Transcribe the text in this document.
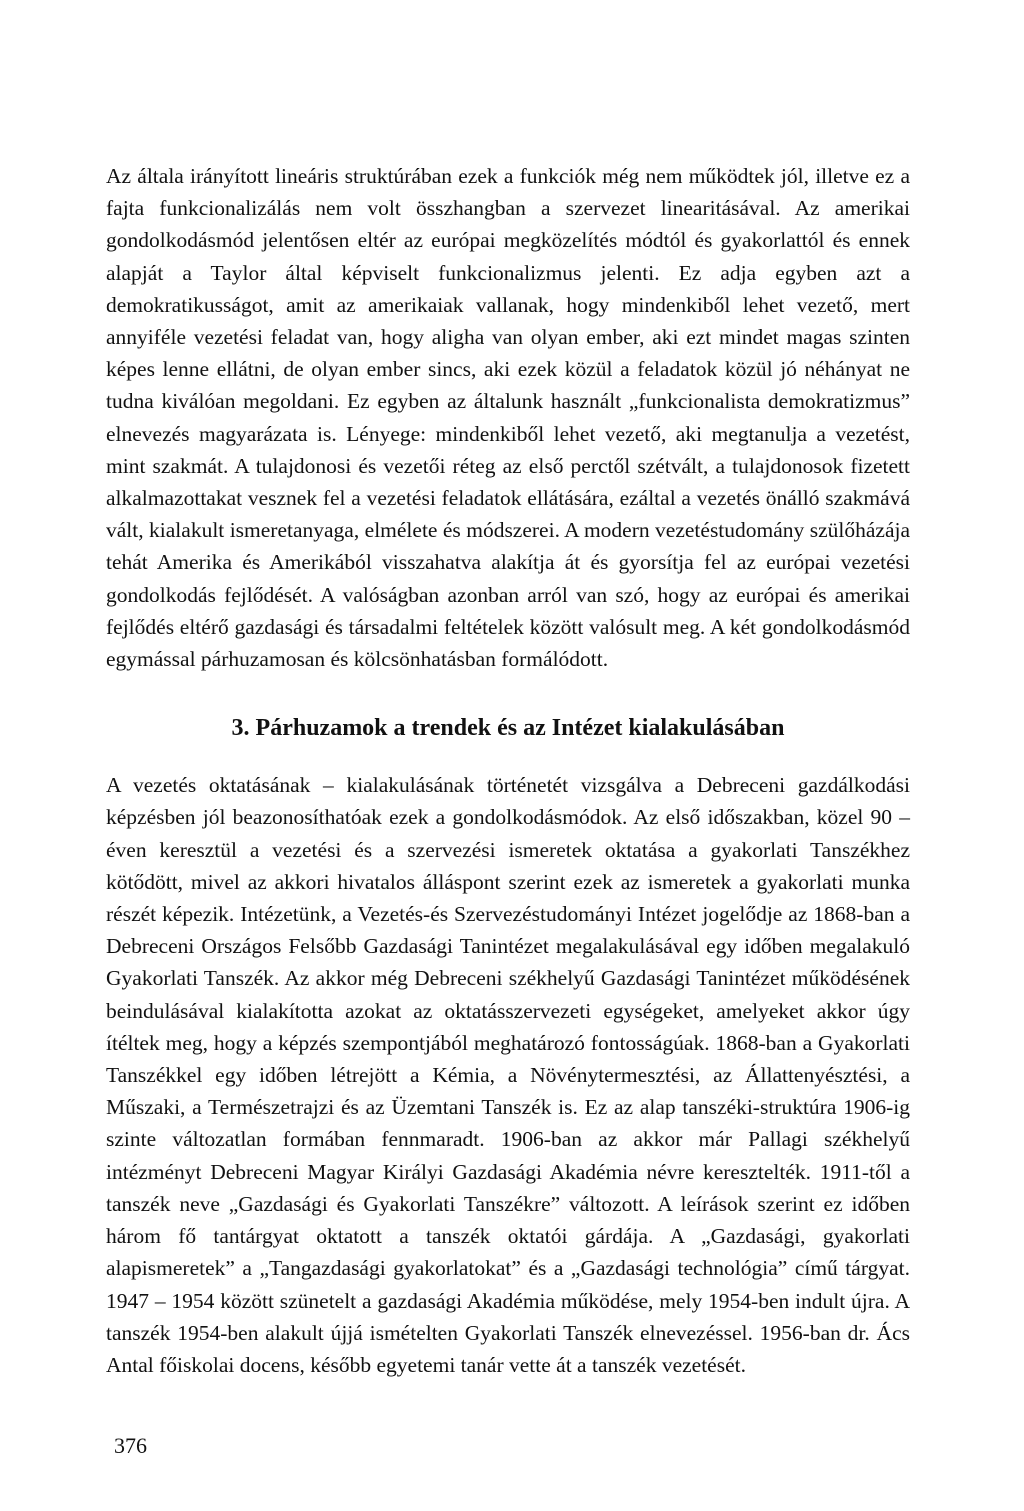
Az általa irányított lineáris struktúrában ezek a funkciók még nem működtek jól, illetve ez a fajta funkcionalizálás nem volt összhangban a szervezet linearitásával. Az amerikai gondolkodásmód jelentősen eltér az európai megközelítés módtól és gyakorlattól és ennek alapját a Taylor által képviselt funkcionalizmus jelenti. Ez adja egyben azt a demokratikusságot, amit az amerikaiak vallanak, hogy mindenkiből lehet vezető, mert annyiféle vezetési feladat van, hogy aligha van olyan ember, aki ezt mindet magas szinten képes lenne ellátni, de olyan ember sincs, aki ezek közül a feladatok közül jó néhányat ne tudna kiválóan megoldani. Ez egyben az általunk használt „funkcionalista demokratizmus” elnevezés magyarázata is. Lényege: mindenkiből lehet vezető, aki megtanulja a vezetést, mint szakmát. A tulajdonosi és vezetői réteg az első perctől szétvált, a tulajdonosok fizetett alkalmazottakat vesznek fel a vezetési feladatok ellátására, ezáltal a vezetés önálló szakmává vált, kialakult ismeretanyaga, elmélete és módszerei. A modern vezetéstudomány szülőházája tehát Amerika és Amerikából visszahatva alakítja át és gyorsítja fel az európai vezetési gondolkodás fejlődését. A valóságban azonban arról van szó, hogy az európai és amerikai fejlődés eltérő gazdasági és társadalmi feltételek között valósult meg. A két gondolkodásmód egymással párhuzamosan és kölcsönhatásban formálódott.

3. Párhuzamok a trendek és az Intézet kialakulásában

A vezetés oktatásának – kialakulásának történetét vizsgálva a Debreceni gazdálkodási képzésben jól beazonosíthatóak ezek a gondolkodásmódok. Az első időszakban, közel 90 – éven keresztül a vezetési és a szervezési ismeretek oktatása a gyakorlati Tanszékhez kötődött, mivel az akkori hivatalos álláspont szerint ezek az ismeretek a gyakorlati munka részét képezik. Intézetünk, a Vezetés-és Szervezéstudományi Intézet jogelődje az 1868-ban a Debreceni Országos Felsőbb Gazdasági Tanintézet megalakulásával egy időben megalakuló Gyakorlati Tanszék. Az akkor még Debreceni székhelyű Gazdasági Tanintézet működésének beindulásával kialakította azokat az oktatásszervezeti egységeket, amelyeket akkor úgy ítéltek meg, hogy a képzés szempontjából meghatározó fontosságúak. 1868-ban a Gyakorlati Tanszékkel egy időben létrejött a Kémia, a Növénytermesztési, az Állattenyésztési, a Műszaki, a Természetrajzi és az Üzemtani Tanszék is. Ez az alap tanszéki-struktúra 1906-ig szinte változatlan formában fennmaradt. 1906-ban az akkor már Pallagi székhelyű intézményt Debreceni Magyar Királyi Gazdasági Akadémia névre keresztelték. 1911-től a tanszék neve „Gazdasági és Gyakorlati Tanszékre” változott. A leírások szerint ez időben három fő tantárgyat oktatott a tanszék oktatói gárdája. A „Gazdasági, gyakorlati alapismeretek” a „Tangazdasági gyakorlatokat” és a „Gazdasági technológia” című tárgyat. 1947 – 1954 között szünetelt a gazdasági Akadémia működése, mely 1954-ben indult újra. A tanszék 1954-ben alakult újjá ismételten Gyakorlati Tanszék elnevezéssel. 1956-ban dr. Ács Antal főiskolai docens, később egyetemi tanár vette át a tanszék vezetését.

376
